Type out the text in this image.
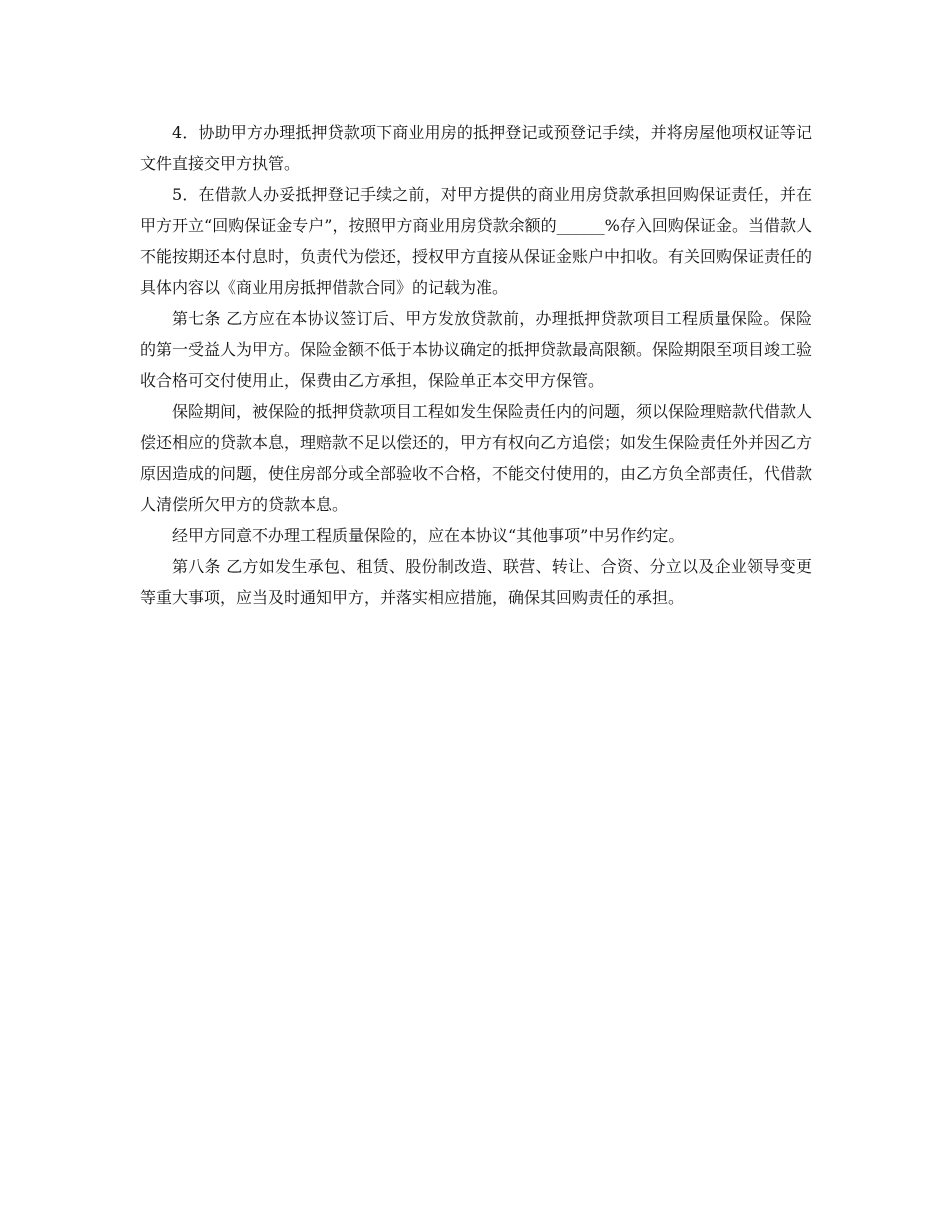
4．协助甲方办理抵押贷款项下商业用房的抵押登记或预登记手续，并将房屋他项权证等记文件直接交甲方执管。

5．在借款人办妥抵押登记手续之前，对甲方提供的商业用房贷款承担回购保证责任，并在甲方开立“回购保证金专户”，按照甲方商业用房贷款余额的______%存入回购保证金。当借款人不能按期还本付息时，负责代为偿还，授权甲方直接从保证金账户中扣收。有关回购保证责任的具体内容以《商业用房抵押借款合同》的记载为准。

第七条 乙方应在本协议签订后、甲方发放贷款前，办理抵押贷款项目工程质量保险。保险的第一受益人为甲方。保险金额不低于本协议确定的抵押贷款最高限额。保险期限至项目竣工验收合格可交付使用止，保费由乙方承担，保险单正本交甲方保管。

保险期间，被保险的抵押贷款项目工程如发生保险责任内的问题，须以保险理赔款代借款人偿还相应的贷款本息，理赔款不足以偿还的，甲方有权向乙方追偿；如发生保险责任外并因乙方原因造成的问题，使住房部分或全部验收不合格，不能交付使用的，由乙方负全部责任，代借款人清偿所欠甲方的贷款本息。

经甲方同意不办理工程质量保险的，应在本协议“其他事项”中另作约定。

第八条 乙方如发生承包、租赁、股份制改造、联营、转让、合资、分立以及企业领导变更等重大事项，应当及时通知甲方，并落实相应措施，确保其回购责任的承担。
